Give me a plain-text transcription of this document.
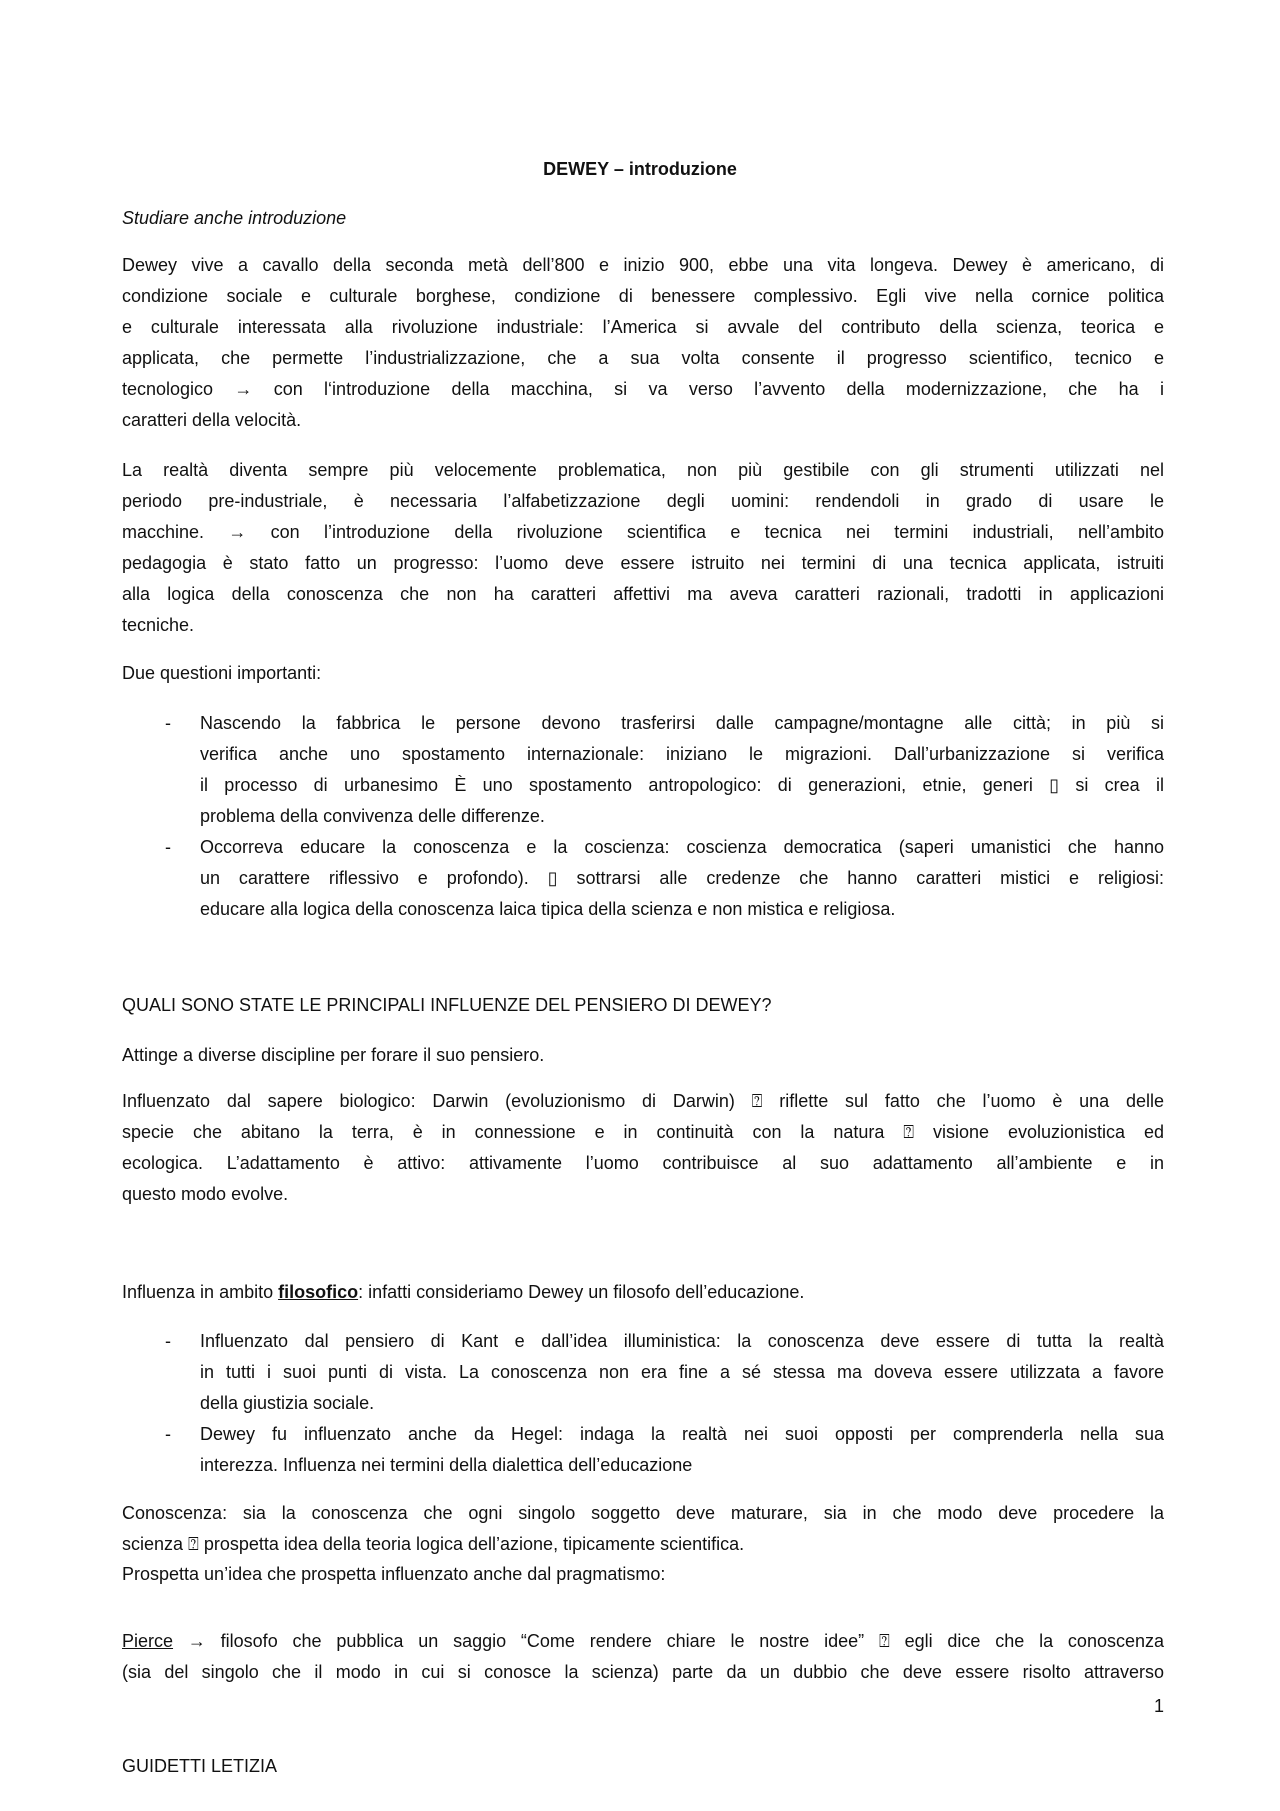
DEWEY – introduzione
Studiare anche introduzione
Dewey vive a cavallo della seconda metà dell’800 e inizio 900, ebbe una vita longeva. Dewey è americano, di
condizione sociale e culturale borghese, condizione di benessere complessivo. Egli vive nella cornice politica
e culturale interessata alla rivoluzione industriale: l’America si avvale del contributo della scienza, teorica e
applicata, che permette l’industrializzazione, che a sua volta consente il progresso scientifico, tecnico e
tecnologico → con l‘introduzione della macchina, si va verso l’avvento della modernizzazione, che ha i
caratteri della velocità.
La realtà diventa sempre più velocemente problematica, non più gestibile con gli strumenti utilizzati nel
periodo pre-industriale, è necessaria l’alfabetizzazione degli uomini: rendendoli in grado di usare le
macchine. → con l’introduzione della rivoluzione scientifica e tecnica nei termini industriali, nell’ambito
pedagogia è stato fatto un progresso: l’uomo deve essere istruito nei termini di una tecnica applicata, istruiti
alla logica della conoscenza che non ha caratteri affettivi ma aveva caratteri razionali, tradotti in applicazioni
tecniche.
Due questioni importanti:
- Nascendo la fabbrica le persone devono trasferirsi dalle campagne/montagne alle città; in più si
verifica anche uno spostamento internazionale: iniziano le migrazioni. Dall’urbanizzazione si verifica
il processo di urbanesimo È uno spostamento antropologico: di generazioni, etnie, generi ▯ si crea il
problema della convivenza delle differenze.
- Occorreva educare la conoscenza e la coscienza: coscienza democratica (saperi umanistici che hanno
un carattere riflessivo e profondo). ▯ sottrarsi alle credenze che hanno caratteri mistici e religiosi:
educare alla logica della conoscenza laica tipica della scienza e non mistica e religiosa.
QUALI SONO STATE LE PRINCIPALI INFLUENZE DEL PENSIERO DI DEWEY?
Attinge a diverse discipline per forare il suo pensiero.
Influenzato dal sapere biologico: Darwin (evoluzionismo di Darwin) ⍰ riflette sul fatto che l’uomo è una delle
specie che abitano la terra, è in connessione e in continuità con la natura ⍰ visione evoluzionistica ed
ecologica. L’adattamento è attivo: attivamente l’uomo contribuisce al suo adattamento all’ambiente e in
questo modo evolve.
Influenza in ambito filosofico: infatti consideriamo Dewey un filosofo dell’educazione.
- Influenzato dal pensiero di Kant e dall’idea illuministica: la conoscenza deve essere di tutta la realtà
in tutti i suoi punti di vista. La conoscenza non era fine a sé stessa ma doveva essere utilizzata a favore
della giustizia sociale.
- Dewey fu influenzato anche da Hegel: indaga la realtà nei suoi opposti per comprenderla nella sua
interezza. Influenza nei termini della dialettica dell’educazione
Conoscenza: sia la conoscenza che ogni singolo soggetto deve maturare, sia in che modo deve procedere la
scienza ⍰ prospetta idea della teoria logica dell’azione, tipicamente scientifica.
Prospetta un’idea che prospetta influenzato anche dal pragmatismo:
Pierce → filosofo che pubblica un saggio “Come rendere chiare le nostre idee” ⍰ egli dice che la conoscenza
(sia del singolo che il modo in cui si conosce la scienza) parte da un dubbio che deve essere risolto attraverso
1
GUIDETTI LETIZIA
